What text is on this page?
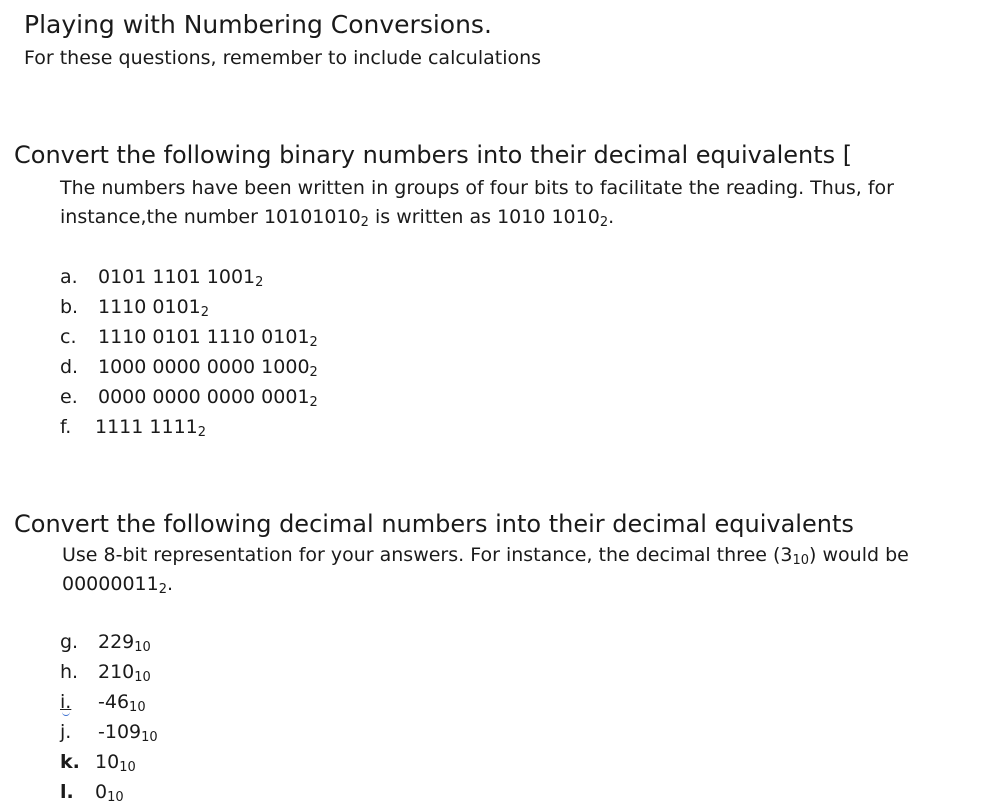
Playing with Numbering Conversions.

For these questions, remember to include calculations

Convert the following binary numbers into their decimal equivalents [

The numbers have been written in groups of four bits to facilitate the reading. Thus, for instance,the number $10101010_2$ is written as 1010 $1010_2$.

a. 0101 1101 $1001_2$
b. 1110 $0101_2$
c. 1110 0101 1110 $0101_2$
d. 1000 0000 0000 $1000_2$
e. 0000 0000 0000 $0001_2$
f. 1111 $1111_2$
Convert the following decimal numbers into their decimal equivalents

Use 8-bit representation for your answers. For instance, the decimal three $(3_{10})$ would be $00000011_2$.

g. $229_{10}$
h. $210_{10}$
i. $-46_{10}$
j. $-109_{10}$
k. $10_{10}$
l. $0_{10}$
